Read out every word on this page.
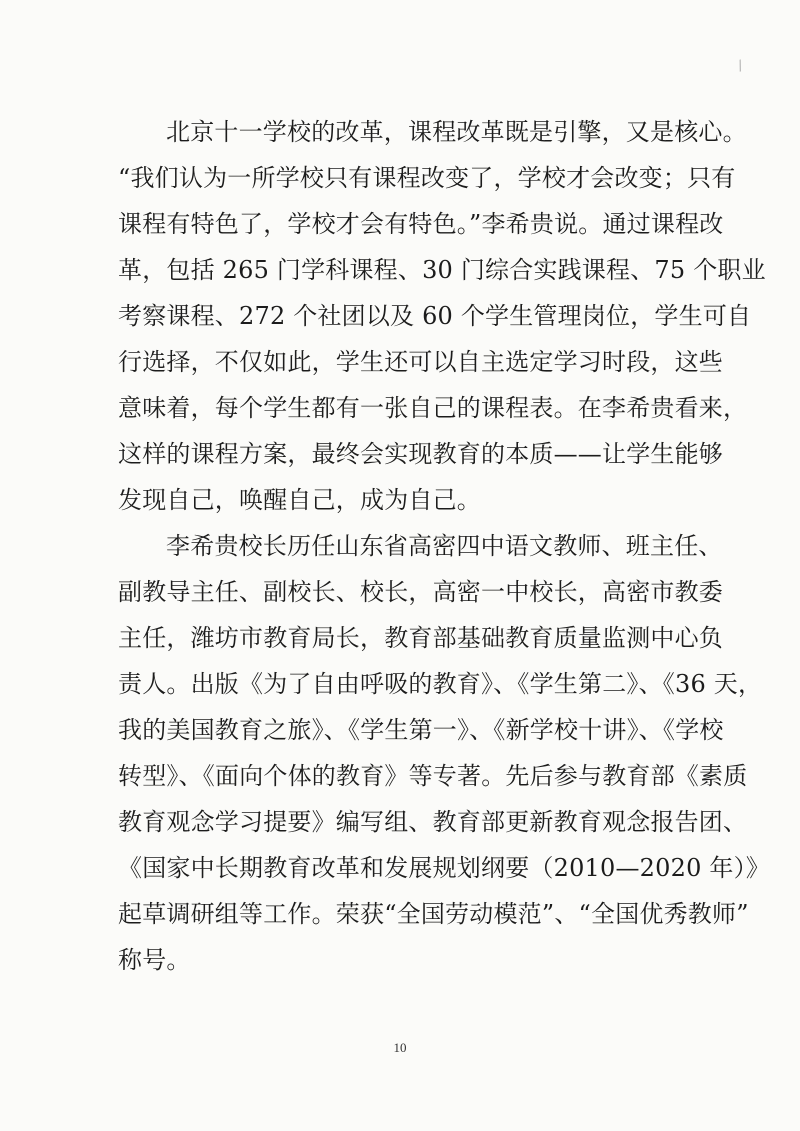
/
北京十一学校的改革，课程改革既是引擎，又是核心。
“我们认为一所学校只有课程改变了，学校才会改变；只有
课程有特色了，学校才会有特色。”李希贵说。通过课程改
革，包括 265 门学科课程、30 门综合实践课程、75 个职业
考察课程、272 个社团以及 60 个学生管理岗位，学生可自
行选择，不仅如此，学生还可以自主选定学习时段，这些
意味着，每个学生都有一张自己的课程表。在李希贵看来，
这样的课程方案，最终会实现教育的本质——让学生能够
发现自己，唤醒自己，成为自己。
李希贵校长历任山东省高密四中语文教师、班主任、
副教导主任、副校长、校长，高密一中校长，高密市教委
主任，潍坊市教育局长，教育部基础教育质量监测中心负
责人。出版《为了自由呼吸的教育》、《学生第二》、《36 天，
我的美国教育之旅》、《学生第一》、《新学校十讲》、《学校
转型》、《面向个体的教育》等专著。先后参与教育部《素质
教育观念学习提要》编写组、教育部更新教育观念报告团、
《国家中长期教育改革和发展规划纲要（2010—2020 年）》
起草调研组等工作。荣获“全国劳动模范”、“全国优秀教师”
称号。
10
